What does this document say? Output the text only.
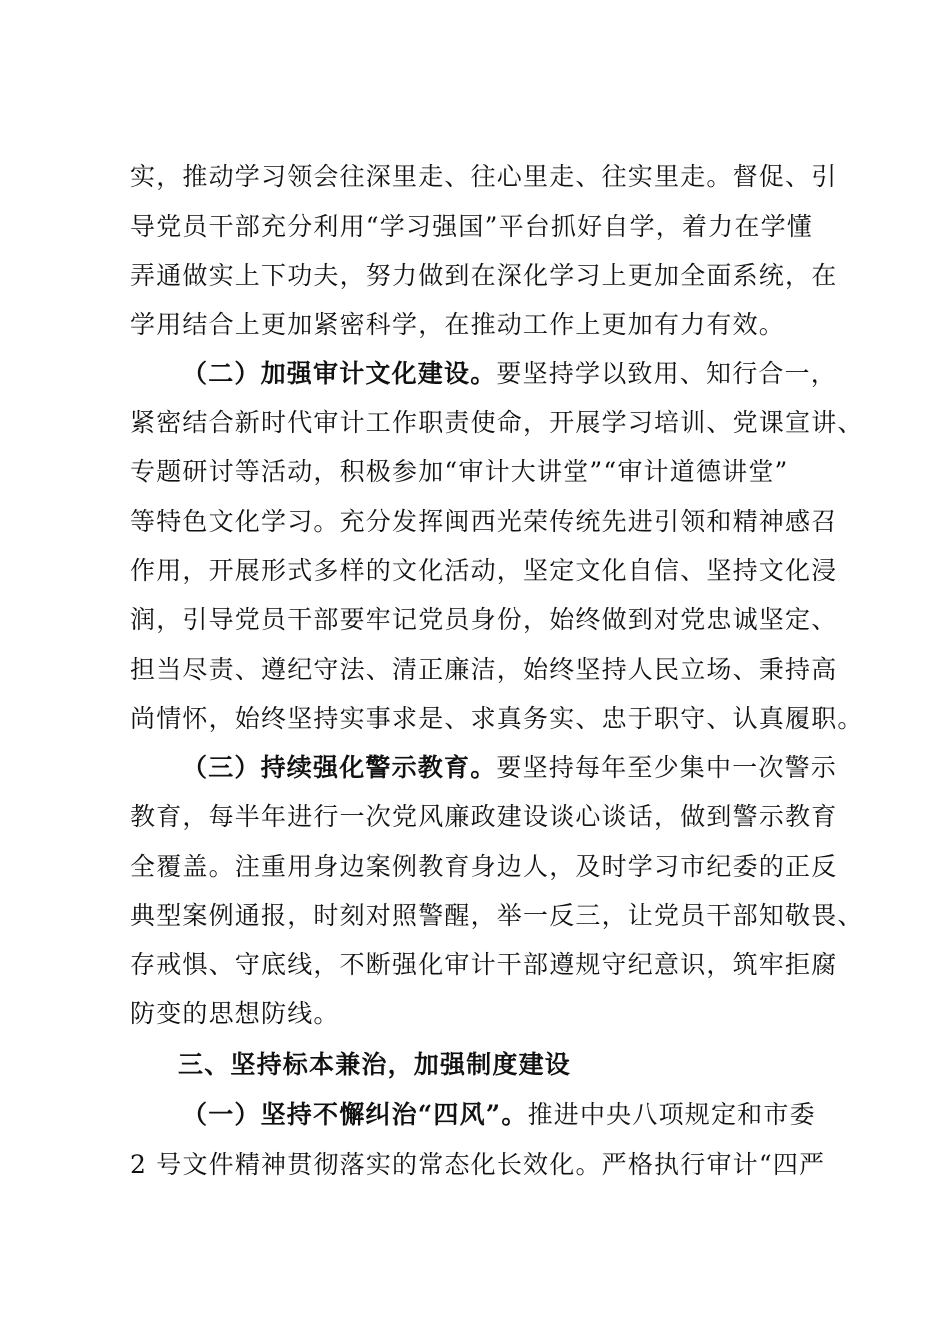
实，推动学习领会往深里走、往心里走、往实里走。督促、引
导党员干部充分利用“学习强国”平台抓好自学，着力在学懂
弄通做实上下功夫，努力做到在深化学习上更加全面系统，在
学用结合上更加紧密科学，在推动工作上更加有力有效。
（二）加强审计文化建设。要坚持学以致用、知行合一，
紧密结合新时代审计工作职责使命，开展学习培训、党课宣讲、
专题研讨等活动，积极参加“审计大讲堂”“审计道德讲堂”
等特色文化学习。充分发挥闽西光荣传统先进引领和精神感召
作用，开展形式多样的文化活动，坚定文化自信、坚持文化浸
润，引导党员干部要牢记党员身份，始终做到对党忠诚坚定、
担当尽责、遵纪守法、清正廉洁，始终坚持人民立场、秉持高
尚情怀，始终坚持实事求是、求真务实、忠于职守、认真履职。
（三）持续强化警示教育。要坚持每年至少集中一次警示
教育，每半年进行一次党风廉政建设谈心谈话，做到警示教育
全覆盖。注重用身边案例教育身边人，及时学习市纪委的正反
典型案例通报，时刻对照警醒，举一反三，让党员干部知敬畏、
存戒惧、守底线，不断强化审计干部遵规守纪意识，筑牢拒腐
防变的思想防线。
三、坚持标本兼治，加强制度建设
（一）坚持不懈纠治“四风”。推进中央八项规定和市委
2 号文件精神贯彻落实的常态化长效化。严格执行审计“四严
